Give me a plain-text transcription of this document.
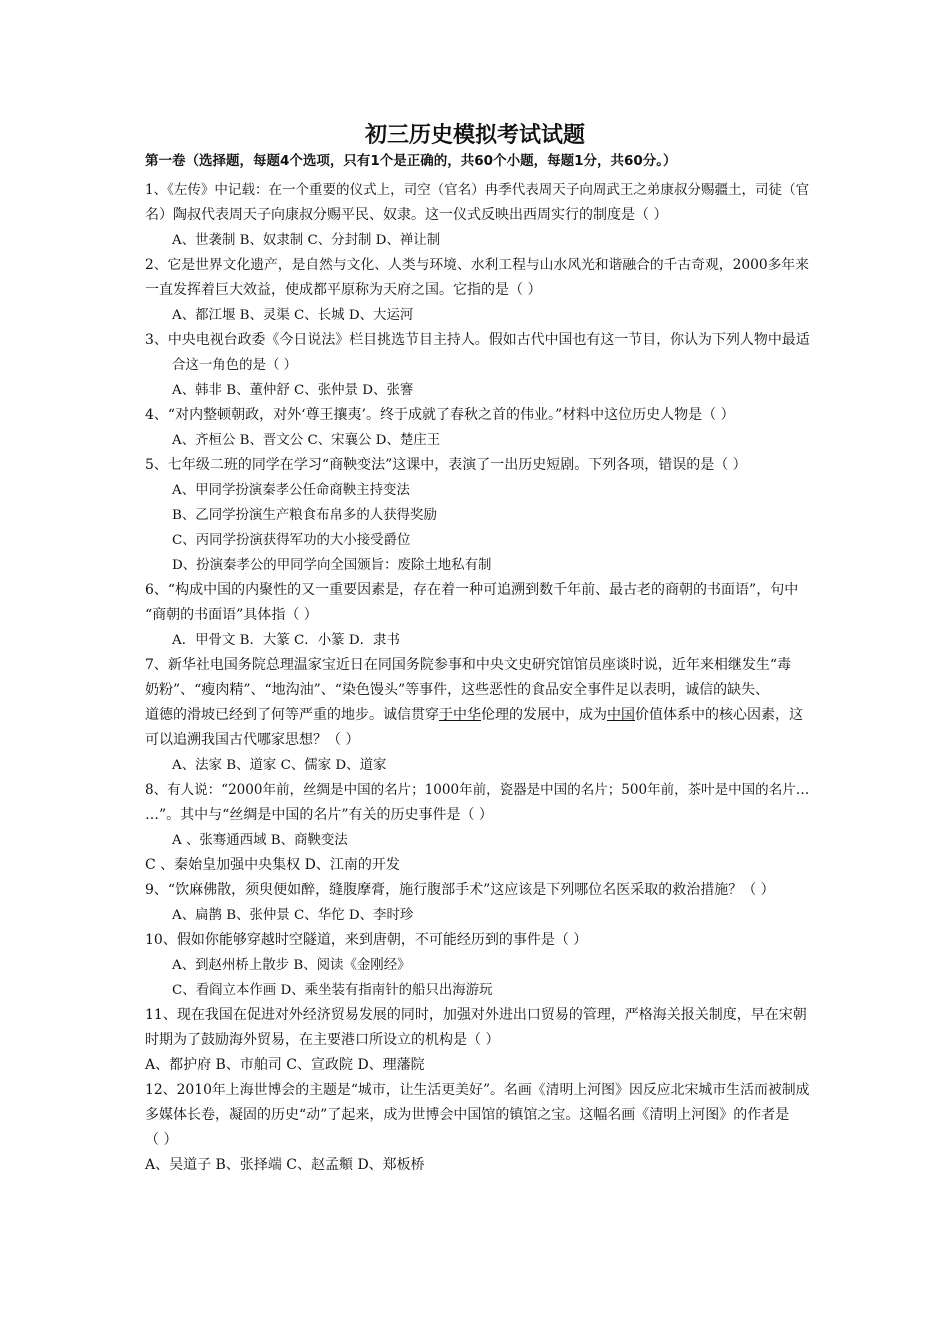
初三历史模拟考试试题
第一卷（选择题，每题4个选项，只有1个是正确的，共60个小题，每题1分，共60分。）
1、《左传》中记载：在一个重要的仪式上，司空（官名）冉季代表周天子向周武王之弟康叔分赐疆土，司徒（官
名）陶叔代表周天子向康叔分赐平民、奴隶。这一仪式反映出西周实行的制度是（ ）
A、世袭制 B、奴隶制 C、分封制 D、禅让制
2、它是世界文化遗产，是自然与文化、人类与环境、水利工程与山水风光和谐融合的千古奇观，2000多年来
一直发挥着巨大效益，使成都平原称为天府之国。它指的是（ ）
A、都江堰 B、灵渠 C、长城 D、大运河
3、中央电视台政委《今日说法》栏目挑选节目主持人。假如古代中国也有这一节目，你认为下列人物中最适
合这一角色的是（ ）
A、韩非 B、董仲舒 C、张仲景 D、张謇
4、“对内整顿朝政，对外‘尊王攘夷’。终于成就了春秋之首的伟业。”材料中这位历史人物是（ ）
A、齐桓公 B、晋文公 C、宋襄公 D、楚庄王
5、七年级二班的同学在学习“商鞅变法”这课中，表演了一出历史短剧。下列各项，错误的是（ ）
A、甲同学扮演秦孝公任命商鞅主持变法
B、乙同学扮演生产粮食布帛多的人获得奖励
C、丙同学扮演获得军功的大小接受爵位
D、扮演秦孝公的甲同学向全国颁旨：废除土地私有制
6、“构成中国的内聚性的又一重要因素是，存在着一种可追溯到数千年前、最古老的商朝的书面语”，句中
“商朝的书面语”具体指（ ）
A．甲骨文 B．大篆 C．小篆 D．隶书
7、新华社电国务院总理温家宝近日在同国务院参事和中央文史研究馆馆员座谈时说，近年来相继发生“毒
奶粉”、“瘦肉精”、“地沟油”、“染色馒头”等事件，这些恶性的食品安全事件足以表明，诚信的缺失、
道德的滑坡已经到了何等严重的地步。诚信贯穿于中华伦理的发展中，成为中国价值体系中的核心因素，这
可以追溯我国古代哪家思想？（ ）
A、法家 B、道家 C、儒家 D、道家
8、有人说：“2000年前，丝绸是中国的名片；1000年前，瓷器是中国的名片；500年前，茶叶是中国的名片…
…”。其中与“丝绸是中国的名片”有关的历史事件是（ ）
A 、张骞通西域 B、商鞅变法
C 、秦始皇加强中央集权 D、江南的开发
9、“饮麻佛散，须臾便如醉，缝腹摩膏，施行腹部手术”这应该是下列哪位名医采取的救治措施？（ ）
A、扁鹊 B、张仲景 C、华佗 D、李时珍
10、假如你能够穿越时空隧道，来到唐朝，不可能经历到的事件是（ ）
A、到赵州桥上散步 B、阅读《金刚经》
C、看阎立本作画 D、乘坐装有指南针的船只出海游玩
11、现在我国在促进对外经济贸易发展的同时，加强对外进出口贸易的管理，严格海关报关制度，早在宋朝
时期为了鼓励海外贸易，在主要港口所设立的机构是（ ）
A、都护府 B、市舶司 C、宣政院 D、理藩院
12、2010年上海世博会的主题是“城市，让生活更美好”。名画《清明上河图》因反应北宋城市生活而被制成
多媒体长卷，凝固的历史“动”了起来，成为世博会中国馆的镇馆之宝。这幅名画《清明上河图》的作者是
（ ）
A、吴道子 B、张择端 C、赵孟頫 D、郑板桥
